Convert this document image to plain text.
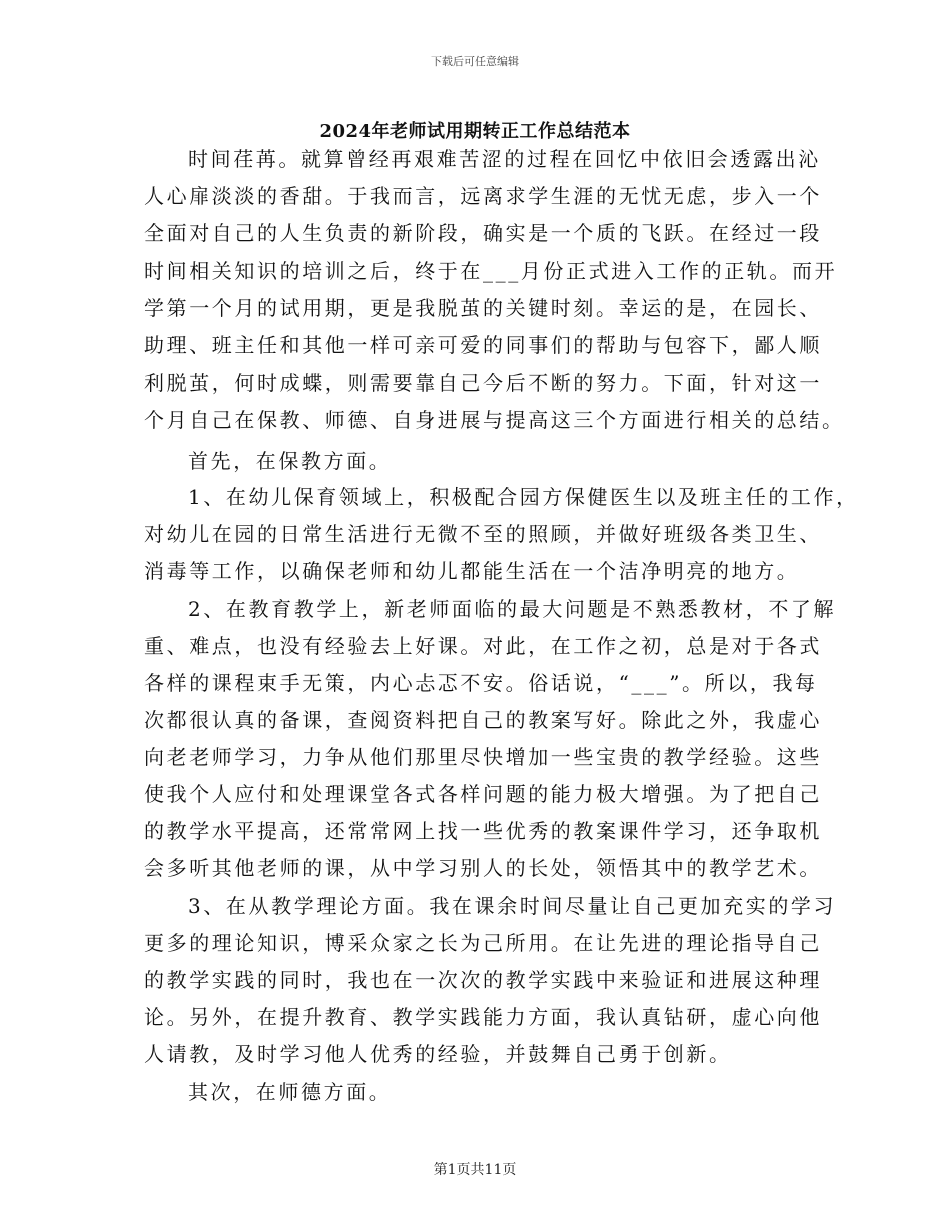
下载后可任意编辑
2024年老师试用期转正工作总结范本
时间荏苒。就算曾经再艰难苦涩的过程在回忆中依旧会透露出沁
人心扉淡淡的香甜。于我而言，远离求学生涯的无忧无虑，步入一个
全面对自己的人生负责的新阶段，确实是一个质的飞跃。在经过一段
时间相关知识的培训之后，终于在___月份正式进入工作的正轨。而开
学第一个月的试用期，更是我脱茧的关键时刻。幸运的是，在园长、
助理、班主任和其他一样可亲可爱的同事们的帮助与包容下，鄙人顺
利脱茧，何时成蝶，则需要靠自己今后不断的努力。下面，针对这一
个月自己在保教、师德、自身进展与提高这三个方面进行相关的总结。
首先，在保教方面。
1、在幼儿保育领域上，积极配合园方保健医生以及班主任的工作，
对幼儿在园的日常生活进行无微不至的照顾，并做好班级各类卫生、
消毒等工作，以确保老师和幼儿都能生活在一个洁净明亮的地方。
2、在教育教学上，新老师面临的最大问题是不熟悉教材，不了解
重、难点，也没有经验去上好课。对此，在工作之初，总是对于各式
各样的课程束手无策，内心忐忑不安。俗话说，“___”。所以，我每
次都很认真的备课，查阅资料把自己的教案写好。除此之外，我虚心
向老老师学习，力争从他们那里尽快增加一些宝贵的教学经验。这些
使我个人应付和处理课堂各式各样问题的能力极大增强。为了把自己
的教学水平提高，还常常网上找一些优秀的教案课件学习，还争取机
会多听其他老师的课，从中学习别人的长处，领悟其中的教学艺术。
3、在从教学理论方面。我在课余时间尽量让自己更加充实的学习
更多的理论知识，博采众家之长为己所用。在让先进的理论指导自己
的教学实践的同时，我也在一次次的教学实践中来验证和进展这种理
论。另外，在提升教育、教学实践能力方面，我认真钻研，虚心向他
人请教，及时学习他人优秀的经验，并鼓舞自己勇于创新。
其次，在师德方面。
第1页共11页
